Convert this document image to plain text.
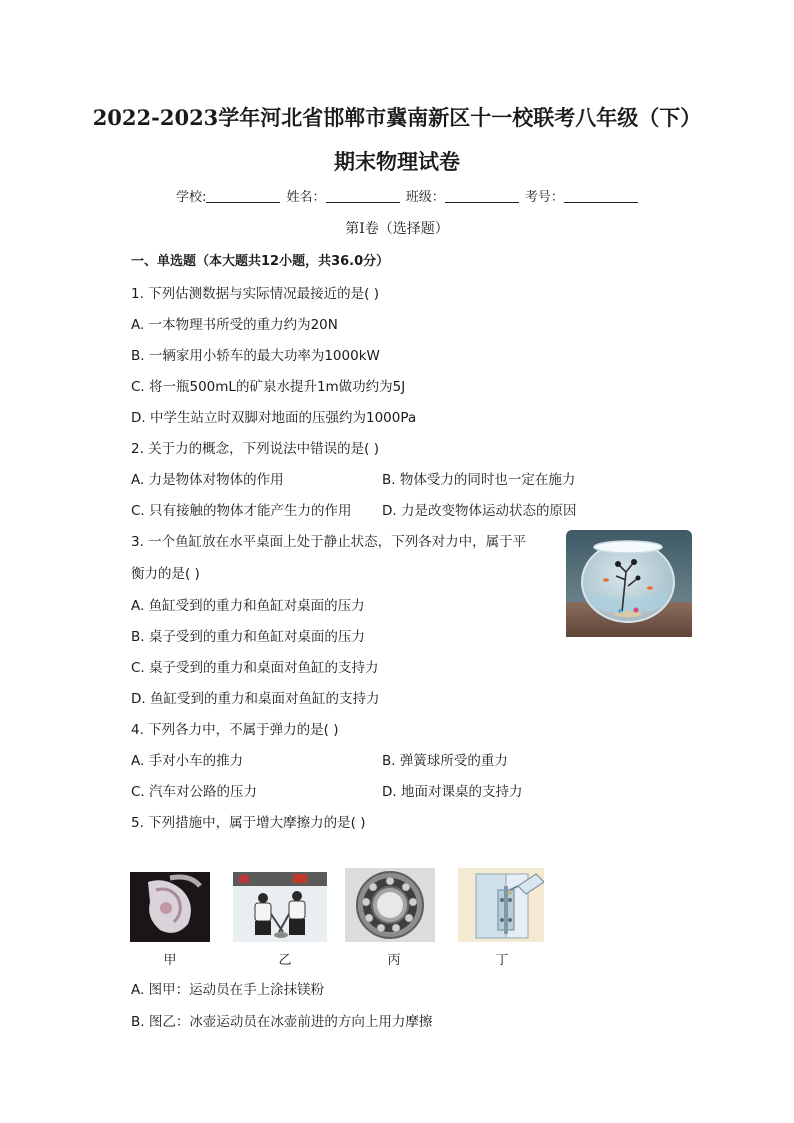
2022-2023学年河北省邯郸市冀南新区十一校联考八年级（下）
期末物理试卷
学校:	姓名：	班级：	考号：
第I卷（选择题）
一、单选题（本大题共12小题，共36.0分）
1. 下列估测数据与实际情况最接近的是( )
A. 一本物理书所受的重力约为20N
B. 一辆家用小轿车的最大功率为1000kW
C. 将一瓶500mL的矿泉水提升1m做功约为5J
D. 中学生站立时双脚对地面的压强约为1000Pa
2. 关于力的概念，下列说法中错误的是( )
A. 力是物体对物体的作用	B. 物体受力的同时也一定在施力
C. 只有接触的物体才能产生力的作用 D. 力是改变物体运动状态的原因
3. 一个鱼缸放在水平桌面上处于静止状态，下列各对力中，属于平
衡力的是( )
A. 鱼缸受到的重力和鱼缸对桌面的压力
B. 桌子受到的重力和鱼缸对桌面的压力
C. 桌子受到的重力和桌面对鱼缸的支持力
D. 鱼缸受到的重力和桌面对鱼缸的支持力
4. 下列各力中，不属于弹力的是( )
A. 手对小车的推力	B. 弹簧球所受的重力
C. 汽车对公路的压力	D. 地面对课桌的支持力
5. 下列措施中，属于增大摩擦力的是( )
甲	乙	丙	丁
A. 图甲：运动员在手上涂抹镁粉
B. 图乙：冰壶运动员在冰壶前进的方向上用力摩擦
